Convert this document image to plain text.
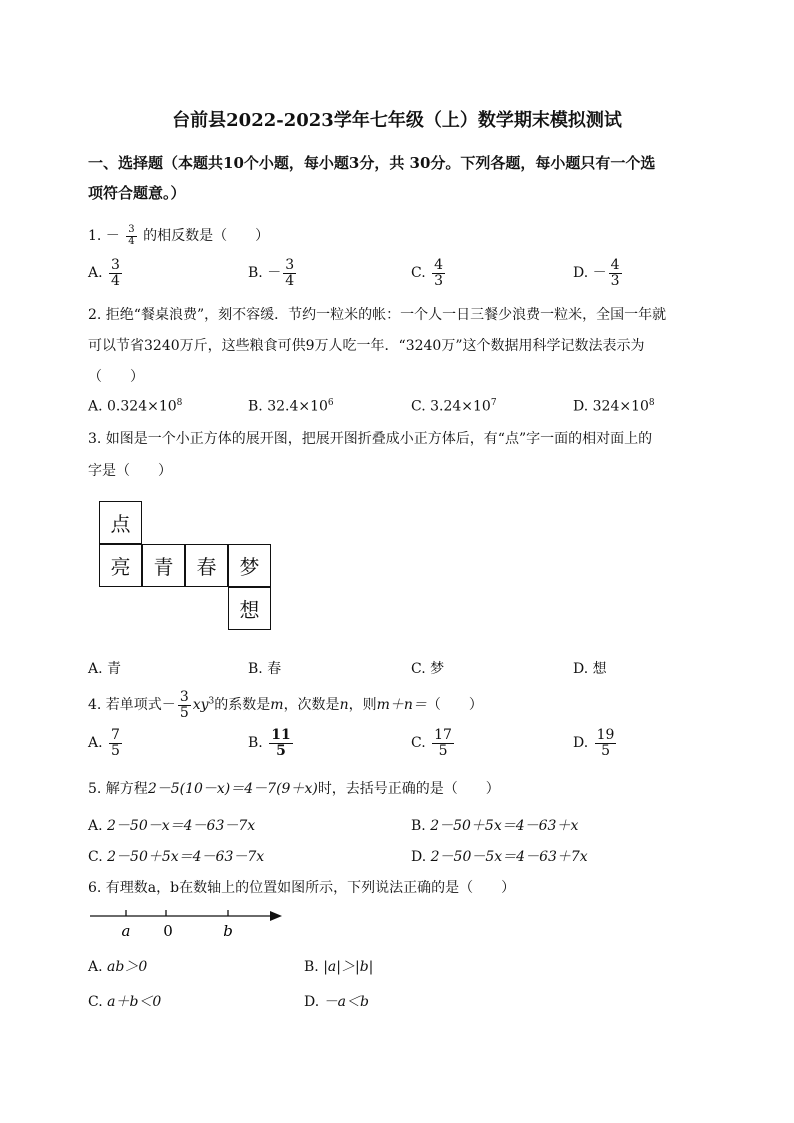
台前县2022-2023学年七年级（上）数学期末模拟测试
一、选择题（本题共10个小题，每小题3分，共 30分。下列各题，每小题只有一个选
项符合题意。）
1. － $\frac{3}{4}$ 的相反数是（　　）
A. $\frac{3}{4}$	B. － $\frac{3}{4}$	C. $\frac{4}{3}$	D. － $\frac{4}{3}$
2. 拒绝“餐桌浪费”，刻不容缓．节约一粒米的帐：一个人一日三餐少浪费一粒米，全国一年就
可以节省3240万斤，这些粮食可供9万人吃一年．“3240万”这个数据用科学记数法表示为
（　　）
A. $0.324\times 10^8$	B. $32.4\times 10^6$	C. $3.24\times 10^7$	D. $324\times 10^8$
3. 如图是一个小正方体的展开图，把展开图折叠成小正方体后，有“点”字一面的相对面上的
字是（　　）
点
亮	青	春	梦
想
A. 青	B. 春	C. 梦	D. 想
4. 若单项式－ $\frac{3}{5} xy^3$的系数是m，次数是n，则m＋n＝（　　）
A. $\frac{7}{5}$	B. $\frac{11}{5}$	C. $\frac{17}{5}$	D. $\frac{19}{5}$
5. 解方程2－5(10－x)＝4－7(9＋x)时，去括号正确的是（　　）
A. 2－50－x＝4－63－7x	B. 2－50＋5x＝4－63＋x
C. 2－50＋5x＝4－63－7x	D. 2－50－5x＝4－63＋7x
6. 有理数a，b在数轴上的位置如图所示，下列说法正确的是（　　）
a 0	b
A. ab＞0	B. |a|＞|b|
C. a＋b＜0	D. －a＜b
